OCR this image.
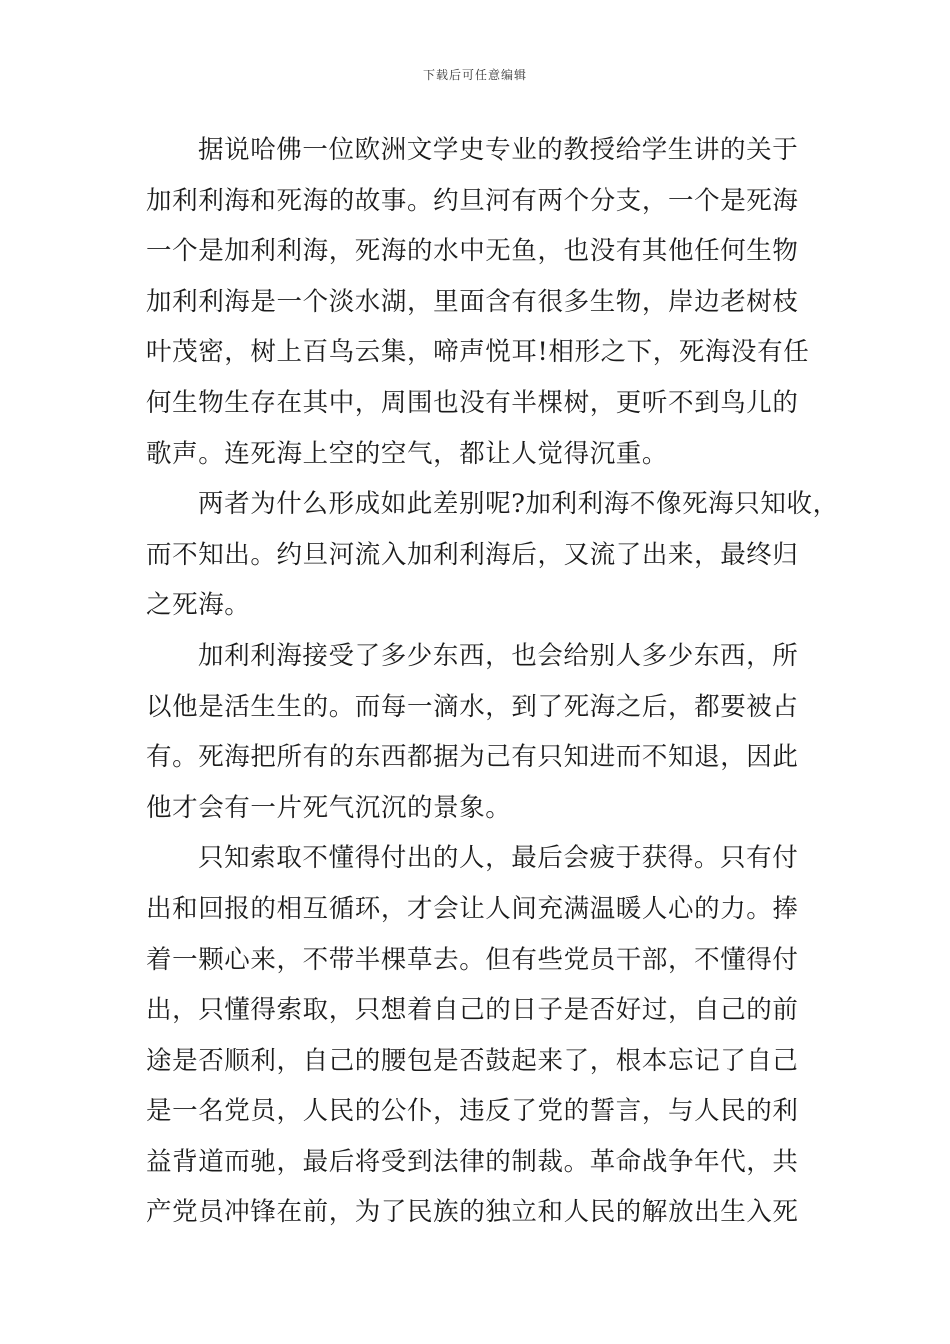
下载后可任意编辑
据说哈佛一位欧洲文学史专业的教授给学生讲的关于
加利利海和死海的故事。约旦河有两个分支，一个是死海
一个是加利利海，死海的水中无鱼，也没有其他任何生物
加利利海是一个淡水湖，里面含有很多生物，岸边老树枝
叶茂密，树上百鸟云集，啼声悦耳!相形之下，死海没有任
何生物生存在其中，周围也没有半棵树，更听不到鸟儿的
歌声。连死海上空的空气，都让人觉得沉重。
两者为什么形成如此差别呢?加利利海不像死海只知收，
而不知出。约旦河流入加利利海后，又流了出来，最终归
之死海。
加利利海接受了多少东西，也会给别人多少东西，所
以他是活生生的。而每一滴水，到了死海之后，都要被占
有。死海把所有的东西都据为己有只知进而不知退，因此
他才会有一片死气沉沉的景象。
只知索取不懂得付出的人，最后会疲于获得。只有付
出和回报的相互循环，才会让人间充满温暖人心的力。捧
着一颗心来，不带半棵草去。但有些党员干部，不懂得付
出，只懂得索取，只想着自己的日子是否好过，自己的前
途是否顺利，自己的腰包是否鼓起来了，根本忘记了自己
是一名党员，人民的公仆，违反了党的誓言，与人民的利
益背道而驰，最后将受到法律的制裁。革命战争年代，共
产党员冲锋在前，为了民族的独立和人民的解放出生入死
